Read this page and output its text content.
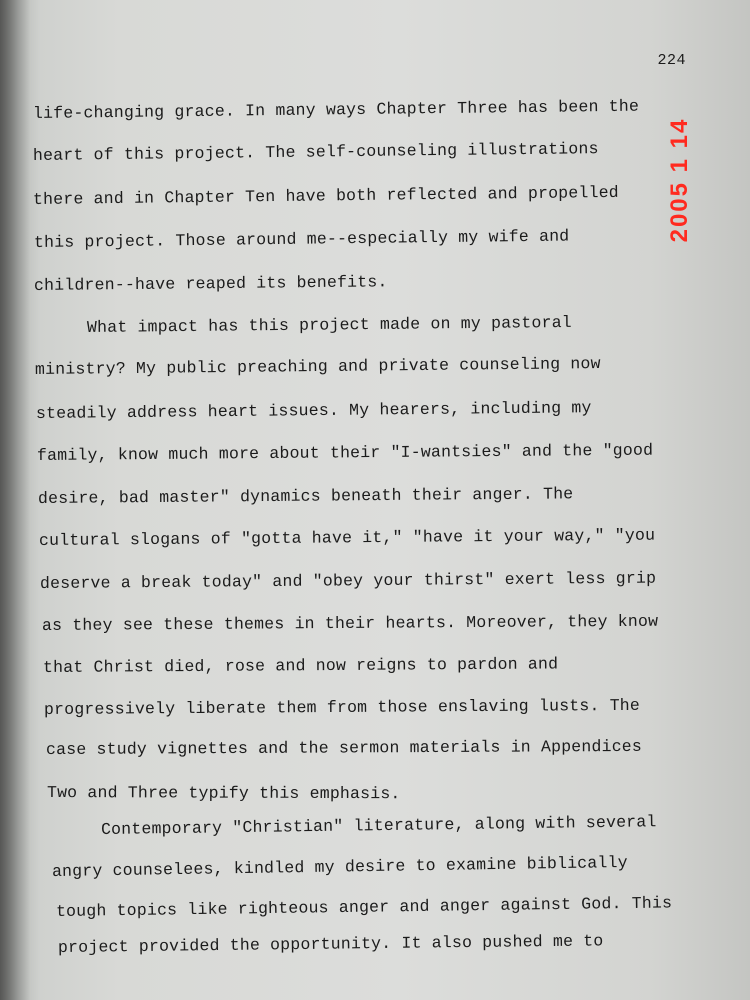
224
2005 1 14
life-changing grace. In many ways Chapter Three has been the
heart of this project. The self-counseling illustrations
there and in Chapter Ten have both reflected and propelled
this project. Those around me--especially my wife and
children--have reaped its benefits.
What impact has this project made on my pastoral
ministry? My public preaching and private counseling now
steadily address heart issues. My hearers, including my
family, know much more about their "I-wantsies" and the "good
desire, bad master" dynamics beneath their anger. The
cultural slogans of "gotta have it," "have it your way," "you
deserve a break today" and "obey your thirst" exert less grip
as they see these themes in their hearts. Moreover, they know
that Christ died, rose and now reigns to pardon and
progressively liberate them from those enslaving lusts. The
case study vignettes and the sermon materials in Appendices
Two and Three typify this emphasis.
Contemporary "Christian" literature, along with several
angry counselees, kindled my desire to examine biblically
tough topics like righteous anger and anger against God. This
project provided the opportunity. It also pushed me to
